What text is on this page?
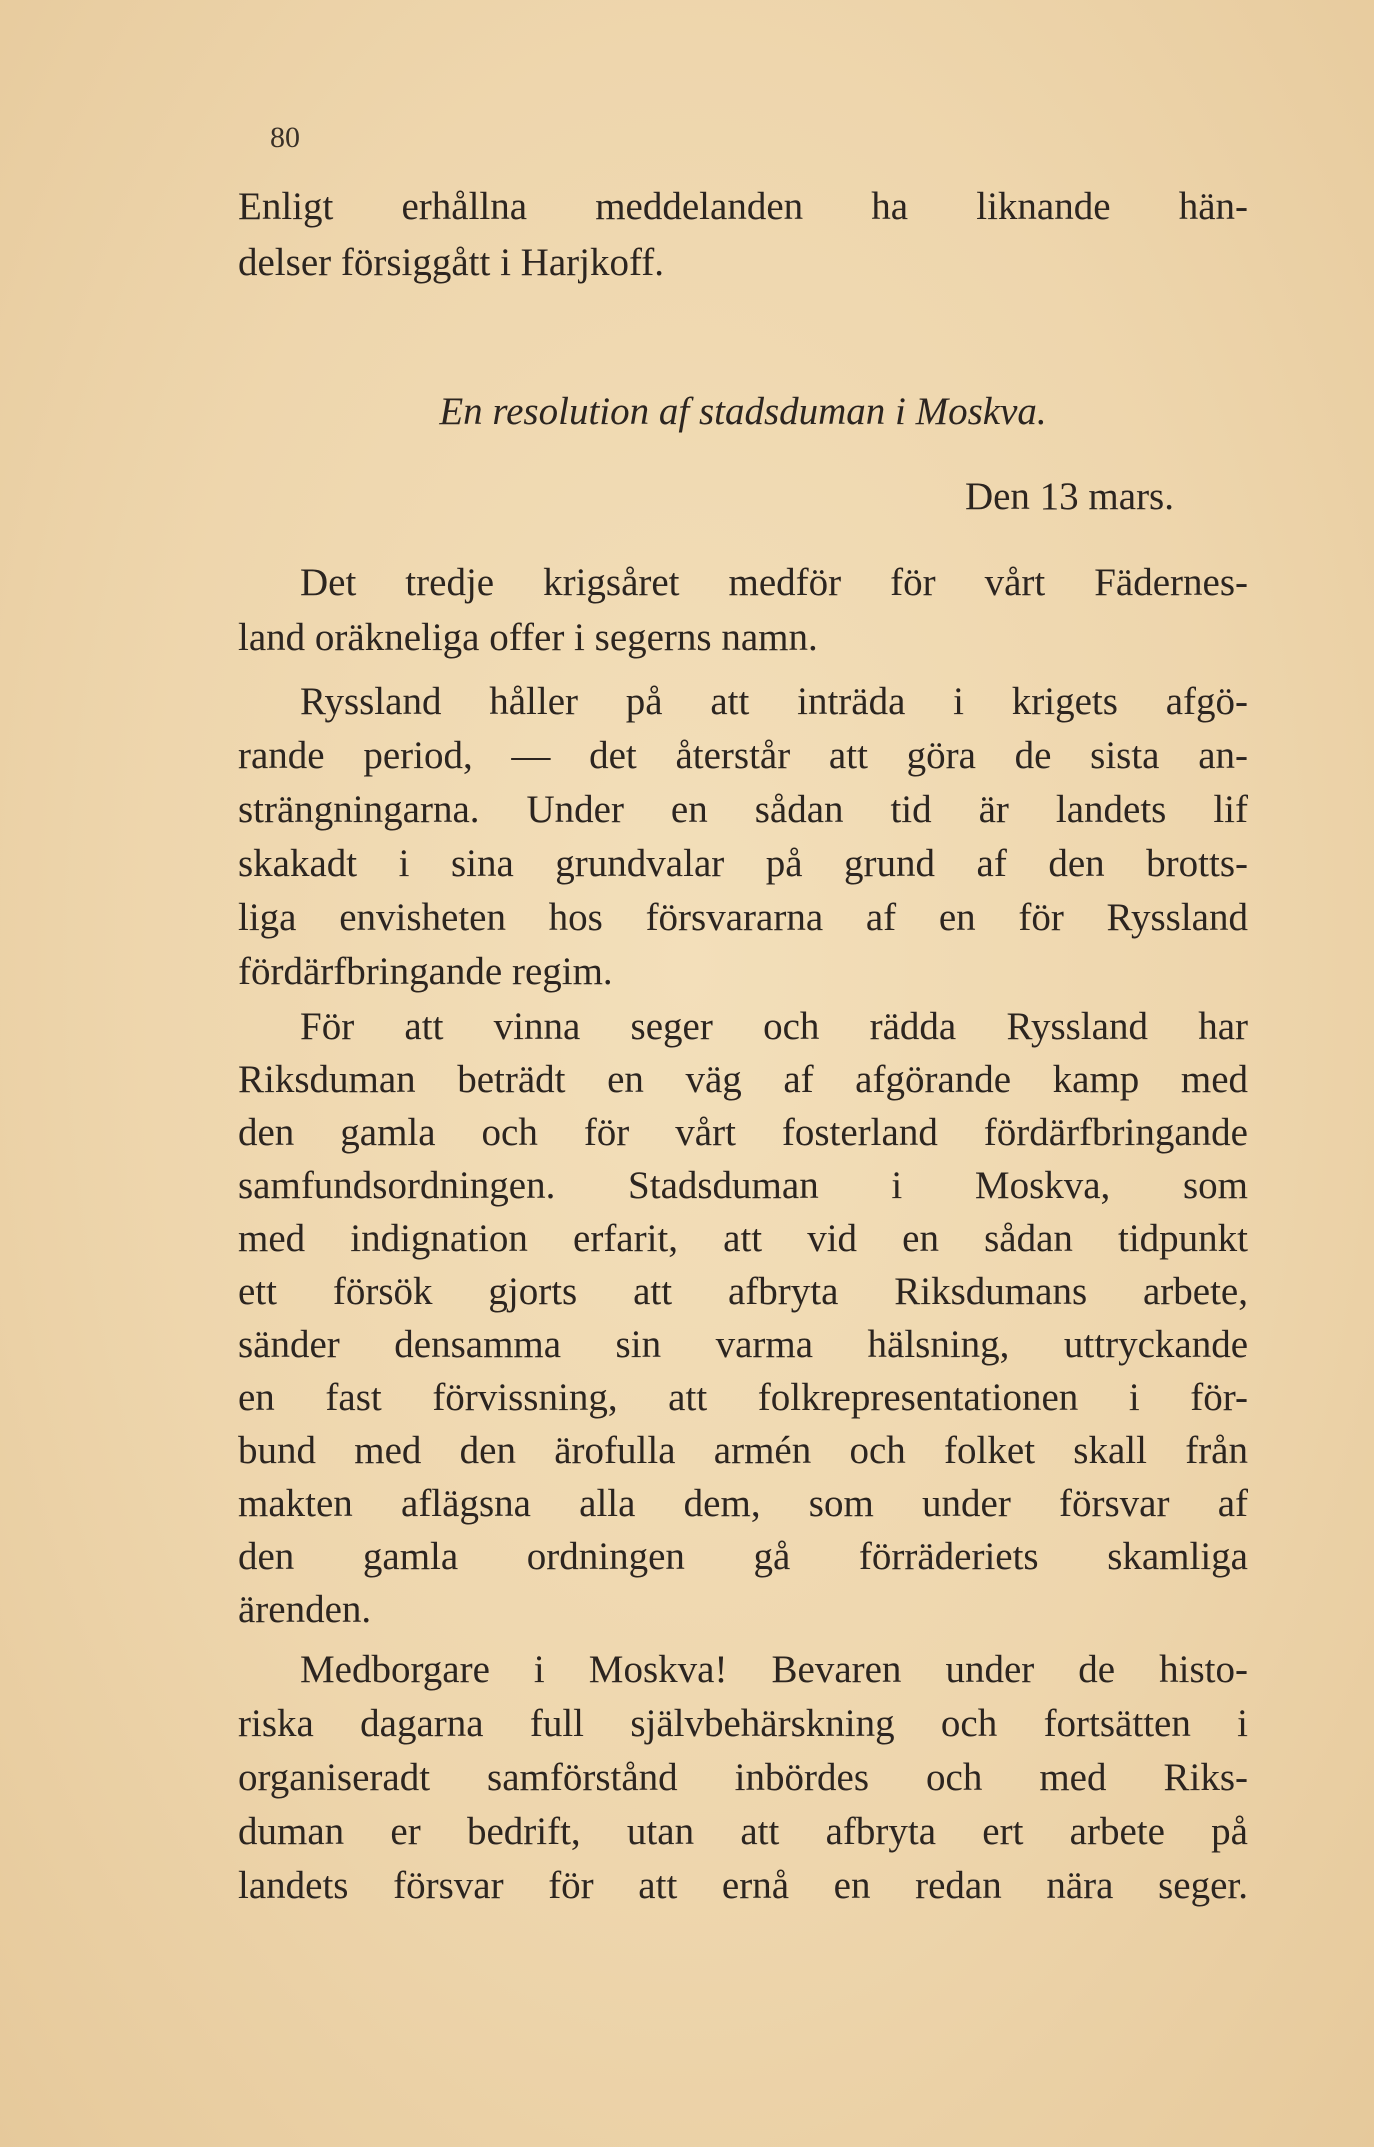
80
Enligt erhållna meddelanden ha liknande hän-
delser försiggått i Harjkoff.
En resolution af stadsduman i Moskva.
Den 13 mars.
Det tredje krigsåret medför för vårt Fädernes-
land oräkneliga offer i segerns namn.
Ryssland håller på att inträda i krigets afgö-
rande period, — det återstår att göra de sista an-
strängningarna. Under en sådan tid är landets lif
skakadt i sina grundvalar på grund af den brotts-
liga envisheten hos försvararna af en för Ryssland
fördärfbringande regim.
För att vinna seger och rädda Ryssland har
Riksduman beträdt en väg af afgörande kamp med
den gamla och för vårt fosterland fördärfbringande
samfundsordningen. Stadsduman i Moskva, som
med indignation erfarit, att vid en sådan tidpunkt
ett försök gjorts att afbryta Riksdumans arbete,
sänder densamma sin varma hälsning, uttryckande
en fast förvissning, att folkrepresentationen i för-
bund med den ärofulla armén och folket skall från
makten aflägsna alla dem, som under försvar af
den gamla ordningen gå förräderiets skamliga
ärenden.
Medborgare i Moskva! Bevaren under de histo-
riska dagarna full självbehärskning och fortsätten i
organiseradt samförstånd inbördes och med Riks-
duman er bedrift, utan att afbryta ert arbete på
landets försvar för att ernå en redan nära seger.
